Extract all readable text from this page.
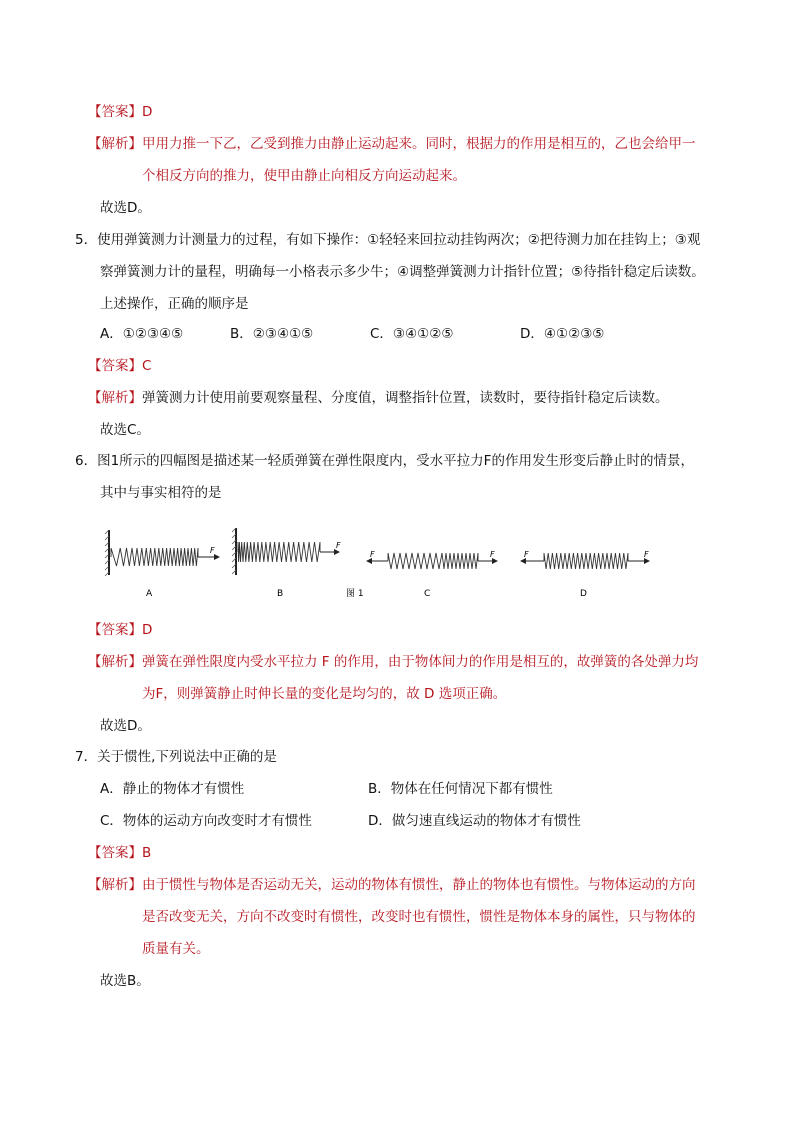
【答案】D
【解析】甲用力推一下乙，乙受到推力由静止运动起来。同时，根据力的作用是相互的，乙也会给甲一
个相反方向的推力，使甲由静止向相反方向运动起来。
故选D。
5．使用弹簧测力计测量力的过程，有如下操作：①轻轻来回拉动挂钩两次；②把待测力加在挂钩上；③观
察弹簧测力计的量程，明确每一小格表示多少牛；④调整弹簧测力计指针位置；⑤待指针稳定后读数。
上述操作，正确的顺序是
A．①②③④⑤	B．②③④①⑤	C．③④①②⑤	D．④①②③⑤
【答案】C
【解析】弹簧测力计使用前要观察量程、分度值，调整指针位置，读数时，要待指针稳定后读数。
故选C。
6．图1所示的四幅图是描述某一轻质弹簧在弹性限度内，受水平拉力F的作用发生形变后静止时的情景，
其中与事实相符的是
F
A
F
B	图 1
F	F
C
F	F
D
【答案】D
【解析】弹簧在弹性限度内受水平拉力 F 的作用，由于物体间力的作用是相互的，故弹簧的各处弹力均
为F，则弹簧静止时伸长量的变化是均匀的，故 D 选项正确。
故选D。
7．关于惯性,下列说法中正确的是
A．静止的物体才有惯性	B．物体在任何情况下都有惯性
C．物体的运动方向改变时才有惯性	D．做匀速直线运动的物体才有惯性
【答案】B
【解析】由于惯性与物体是否运动无关，运动的物体有惯性，静止的物体也有惯性。与物体运动的方向
是否改变无关，方向不改变时有惯性，改变时也有惯性，惯性是物体本身的属性，只与物体的
质量有关。
故选B。
